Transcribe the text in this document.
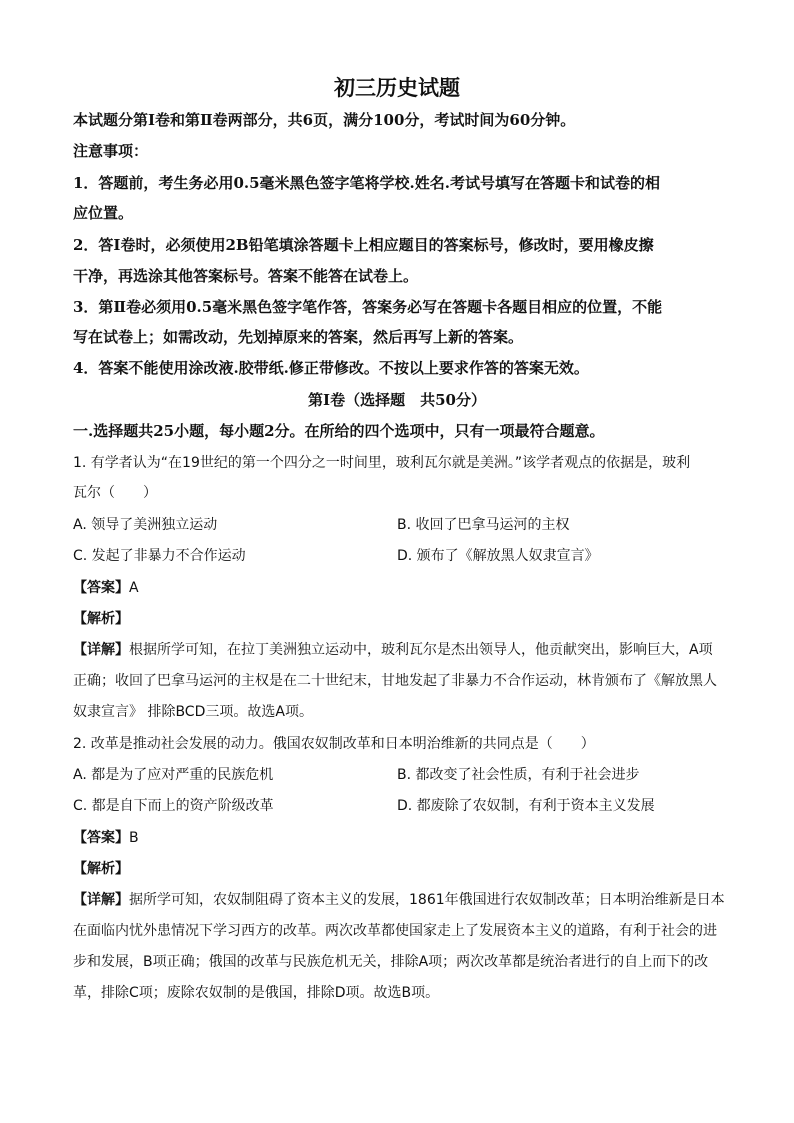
初三历史试题
本试题分第Ⅰ卷和第Ⅱ卷两部分，共6页，满分100分，考试时间为60分钟。
注意事项：
1．答题前，考生务必用0.5毫米黑色签字笔将学校.姓名.考试号填写在答题卡和试卷的相
应位置。
2．答Ⅰ卷时，必须使用2B铅笔填涂答题卡上相应题目的答案标号，修改时，要用橡皮擦
干净，再选涂其他答案标号。答案不能答在试卷上。
3．第Ⅱ卷必须用0.5毫米黑色签字笔作答，答案务必写在答题卡各题目相应的位置，不能
写在试卷上；如需改动，先划掉原来的答案，然后再写上新的答案。
4．答案不能使用涂改液.胶带纸.修正带修改。不按以上要求作答的答案无效。
第Ⅰ卷（选择题　共50分）
一.选择题共25小题，每小题2分。在所给的四个选项中，只有一项最符合题意。
1. 有学者认为“在19世纪的第一个四分之一时间里，玻利瓦尔就是美洲。”该学者观点的依据是，玻利
瓦尔（　　）
A. 领导了美洲独立运动	B. 收回了巴拿马运河的主权
C. 发起了非暴力不合作运动	D. 颁布了《解放黑人奴隶宣言》
【答案】A
【解析】
【详解】根据所学可知，在拉丁美洲独立运动中，玻利瓦尔是杰出领导人，他贡献突出，影响巨大，A项
正确；收回了巴拿马运河的主权是在二十世纪末，甘地发起了非暴力不合作运动，林肯颁布了《解放黑人
奴隶宣言》 排除BCD三项。故选A项。
2. 改革是推动社会发展的动力。俄国农奴制改革和日本明治维新的共同点是（　　）
A. 都是为了应对严重的民族危机	B. 都改变了社会性质，有利于社会进步
C. 都是自下而上的资产阶级改革	D. 都废除了农奴制，有利于资本主义发展
【答案】B
【解析】
【详解】据所学可知，农奴制阻碍了资本主义的发展，1861年俄国进行农奴制改革；日本明治维新是日本
在面临内忧外患情况下学习西方的改革。两次改革都使国家走上了发展资本主义的道路，有利于社会的进
步和发展，B项正确；俄国的改革与民族危机无关，排除A项；两次改革都是统治者进行的自上而下的改
革，排除C项；废除农奴制的是俄国，排除D项。故选B项。
